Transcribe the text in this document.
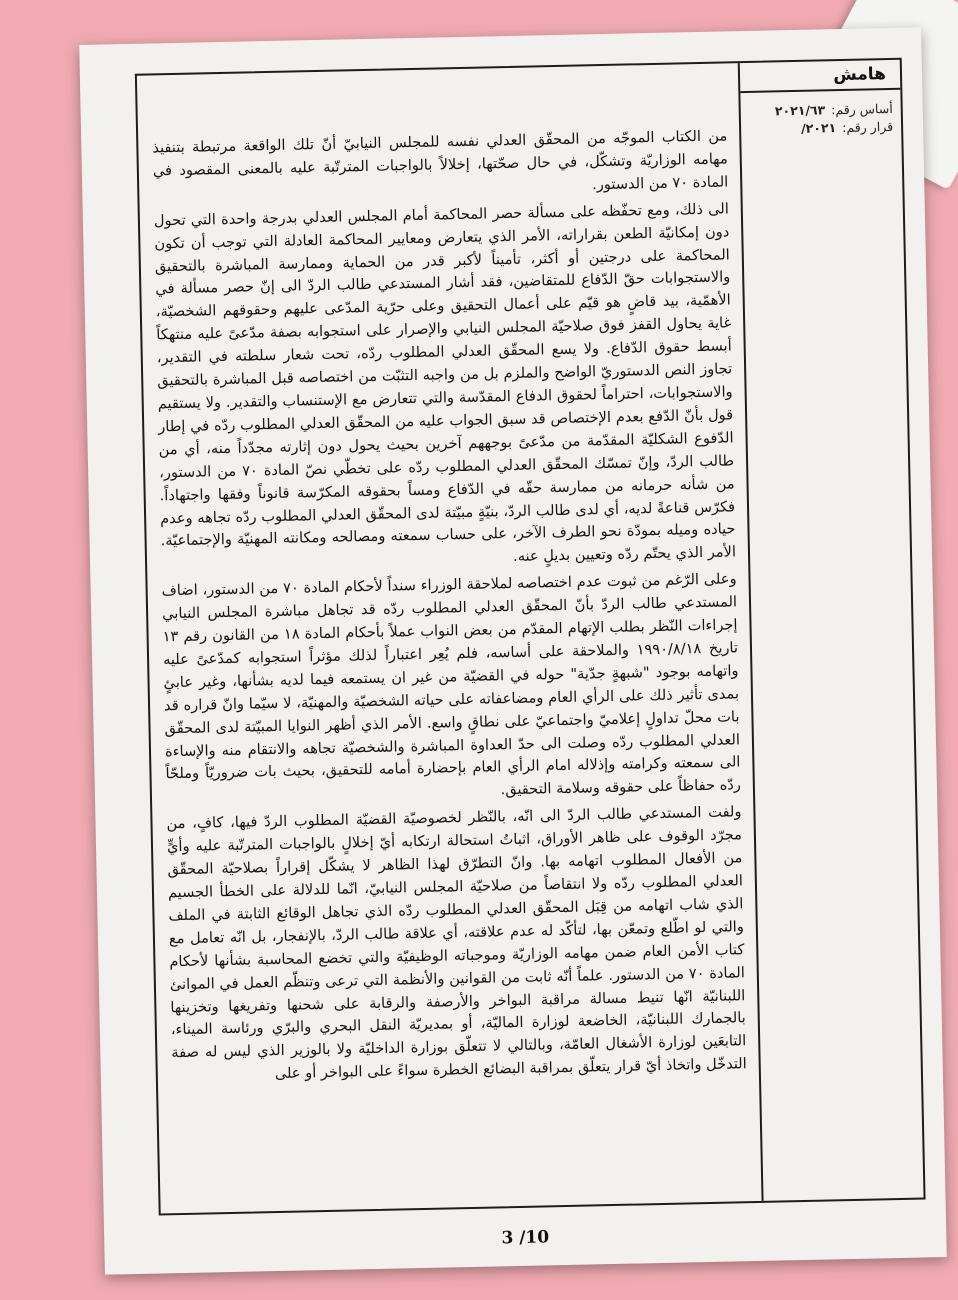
هامش
أساس رقم:
٢٠٢١/٦٣
قرار رقم:
٢٠٢١/

من الكتاب الموجّه من المحقّق العدلي نفسه للمجلس النيابيّ أنّ تلك الواقعة مرتبطة بتنفيذ مهامه الوزاريّة وتشكّل، في حال صحّتها، إخلالاً بالواجبات المترتّبة عليه بالمعنى المقصود في المادة ٧٠ من الدستور.

الى ذلك، ومع تحفّظه على مسألة حصر المحاكمة أمام المجلس العدلي بدرجة واحدة التي تحول دون إمكانيّة الطعن بقراراته، الأمر الذي يتعارض ومعايير المحاكمة العادلة التي توجب أن تكون المحاكمة على درجتين أو أكثر، تأميناً لأكبر قدر من الحماية وممارسة المباشرة بالتحقيق والاستجوابات حقّ الدّفاع للمتقاضين، فقد أشار المستدعي طالب الردّ الى إنّ حصر مسألة في الأهمّية، بيد قاضٍ هو قيّم على أعمال التحقيق وعلى حرّية المدّعى عليهم وحقوقهم الشخصيّة، غاية يحاول القفز فوق صلاحيّة المجلس النيابي والإصرار على استجوابه بصفة مدّعىً عليه منتهكاً أبسط حقوق الدّفاع. ولا يسع المحقّق العدلي المطلوب ردّه، تحت شعار سلطته في التقدير، تجاوز النص الدستوريّ الواضح والملزم بل من واجبه التثبّت من اختصاصه قبل المباشرة بالتحقيق والاستجوابات، احتراماً لحقوق الدفاع المقدّسة والتي تتعارض مع الإستنساب والتقدير. ولا يستقيم قول بأنّ الدّفع بعدم الإختصاص قد سبق الجواب عليه من المحقّق العدلي المطلوب ردّه في إطار الدّفوع الشكليّة المقدّمة من مدّعىً بوجههم آخرين بحيث يحول دون إثارته مجدّداً منه، أي من طالب الردّ، وإنّ تمسّك المحقّق العدلي المطلوب ردّه على تخطّي نصّ المادة ٧٠ من الدستور، من شأنه حرمانه من ممارسة حقّه في الدّفاع ومساً بحقوقه المكرّسة قانوناً وفقها واجتهاداً. فكرّس قناعةً لديه، أي لدى طالب الردّ، بنيّةٍ مبيّتة لدى المحقّق العدلي المطلوب ردّه تجاهه وعدم حياده وميله بمودّة نحو الطرف الآخر، على حساب سمعته ومصالحه ومكانته المهنيّة والإجتماعيّة. الأمر الذي يحتّم ردّه وتعيين بديلٍ عنه.

وعلى الرّغم من ثبوت عدم اختصاصه لملاحقة الوزراء سنداً لأحكام المادة ٧٠ من الدستور، اضاف المستدعي طالب الردّ بأنّ المحقّق العدلي المطلوب ردّه قد تجاهل مباشرة المجلس النيابي إجراءات النّظر بطلب الإتهام المقدّم من بعض النواب عملاً بأحكام المادة ١٨ من القانون رقم ١٣ تاريخ ١٩٩٠/٨/١٨ والملاحقة على أساسه، فلم يُعِر اعتباراً لذلك مؤثراً استجوابه كمدّعىً عليه واتهامه بوجود "شبهةٍ جدّية" حوله في القضيّة من غير ان يستمعه فيما لديه بشأنها، وغير عابئٍ بمدى تأثير ذلك على الرأي العام ومضاعفاته على حياته الشخصيّة والمهنيّة، لا سيّما وانّ قراره قد بات محلّ تداولٍ إعلاميّ واجتماعيّ على نطاقٍ واسع. الأمر الذي أظهر النوايا المبيّتة لدى المحقّق العدلي المطلوب ردّه وصلت الى حدّ العداوة المباشرة والشخصيّة تجاهه والانتقام منه والإساءة الى سمعته وكرامته وإذلاله امام الرأي العام بإحضارة أمامه للتحقيق، بحيث بات ضروريّاً وملحّاً ردّه حفاظاً على حقوقه وسلامة التحقيق.

ولفت المستدعي طالب الردّ الى انّه، بالنّظر لخصوصيّة القضيّة المطلوب الردّ فيها، كافٍ، من مجرّد الوقوف على ظاهر الأوراق، اثباتُ استحالة ارتكابه أيّ إخلالٍ بالواجبات المترتّبة عليه وأيٍّ من الأفعال المطلوب اتهامه بها. وانّ التطرّق لهذا الظاهر لا يشكّل إقراراً بصلاحيّة المحقّق العدلي المطلوب ردّه ولا انتقاصاً من صلاحيّة المجلس النيابيّ، انّما للدلالة على الخطأ الجسيم الذي شاب اتهامه من قِبَل المحقّق العدلي المطلوب ردّه الذي تجاهل الوقائع الثابتة في الملف والتي لو اطّلع وتمعّن بها، لتأكّد له عدم علاقته، أي علاقة طالب الردّ، بالإنفجار، بل انّه تعامل مع كتاب الأمن العام ضمن مهامه الوزاريّة وموجباته الوظيفيّة والتي تخضع المحاسبة بشأنها لأحكام المادة ٧٠ من الدستور. علماً أنّه ثابت من القوانين والأنظمة التي ترعى وتنظّم العمل في الموانئ اللبنانيّة انّها تنيط مسالة مراقبة البواخر والأرصفة والرقابة على شحنها وتفريغها وتخزينها بالجمارك اللبنانيّة، الخاضعة لوزارة الماليّة، أو بمديريّة النقل البحري والبرّي ورئاسة الميناء، التابعَين لوزارة الأشغال العامّة، وبالتالي لا تتعلّق بوزارة الداخليّة ولا بالوزير الذي ليس له صفة التدخّل واتخاذ أيّ قرار يتعلّق بمراقبة البضائع الخطرة سواءً على البواخر أو على

3 /10
